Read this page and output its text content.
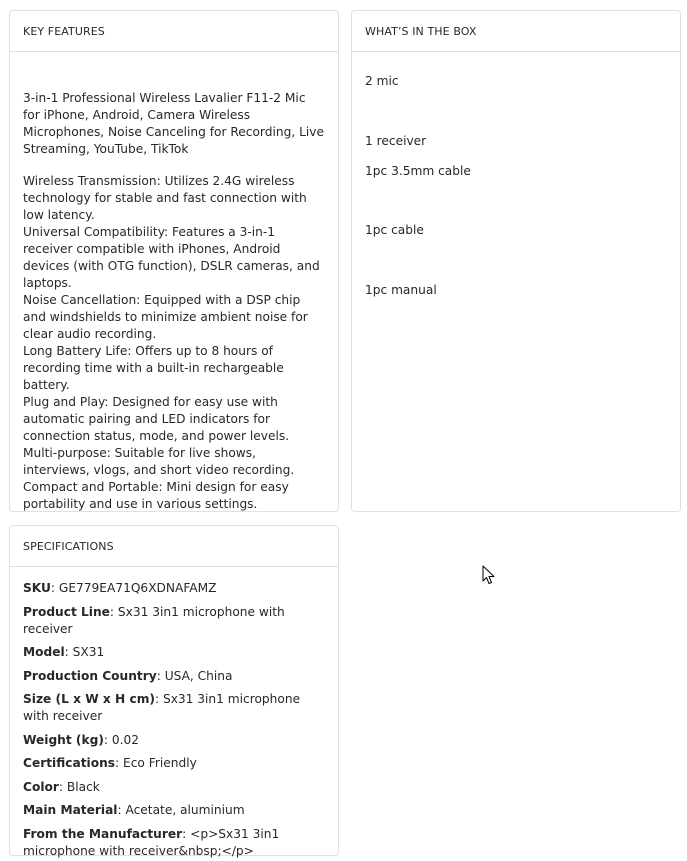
KEY FEATURES

3-in-1 Professional Wireless Lavalier F11-2 Mic for iPhone, Android, Camera Wireless Microphones, Noise Canceling for Recording, Live Streaming, YouTube, TikTok

Wireless Transmission: Utilizes 2.4G wireless technology for stable and fast connection with low latency.

Universal Compatibility: Features a 3-in-1 receiver compatible with iPhones, Android devices (with OTG function), DSLR cameras, and laptops.

Noise Cancellation: Equipped with a DSP chip and windshields to minimize ambient noise for clear audio recording.

Long Battery Life: Offers up to 8 hours of recording time with a built-in rechargeable battery.

Plug and Play: Designed for easy use with automatic pairing and LED indicators for connection status, mode, and power levels.

Multi-purpose: Suitable for live shows, interviews, vlogs, and short video recording.

Compact and Portable: Mini design for easy portability and use in various settings.

WHAT’S IN THE BOX
2 mic
1 receiver
1pc 3.5mm cable
1pc cable
1pc manual
SPECIFICATIONS
SKU: GE779EA71Q6XDNAFAMZ
Product Line: Sx31 3in1 microphone with receiver
Model: SX31
Production Country: USA, China
Size (L x W x H cm): Sx31 3in1 microphone with receiver
Weight (kg): 0.02
Certifications: Eco Friendly
Color: Black
Main Material: Acetate, aluminium
From the Manufacturer: <p>Sx31 3in1 microphone with receiver&nbsp;</p>
